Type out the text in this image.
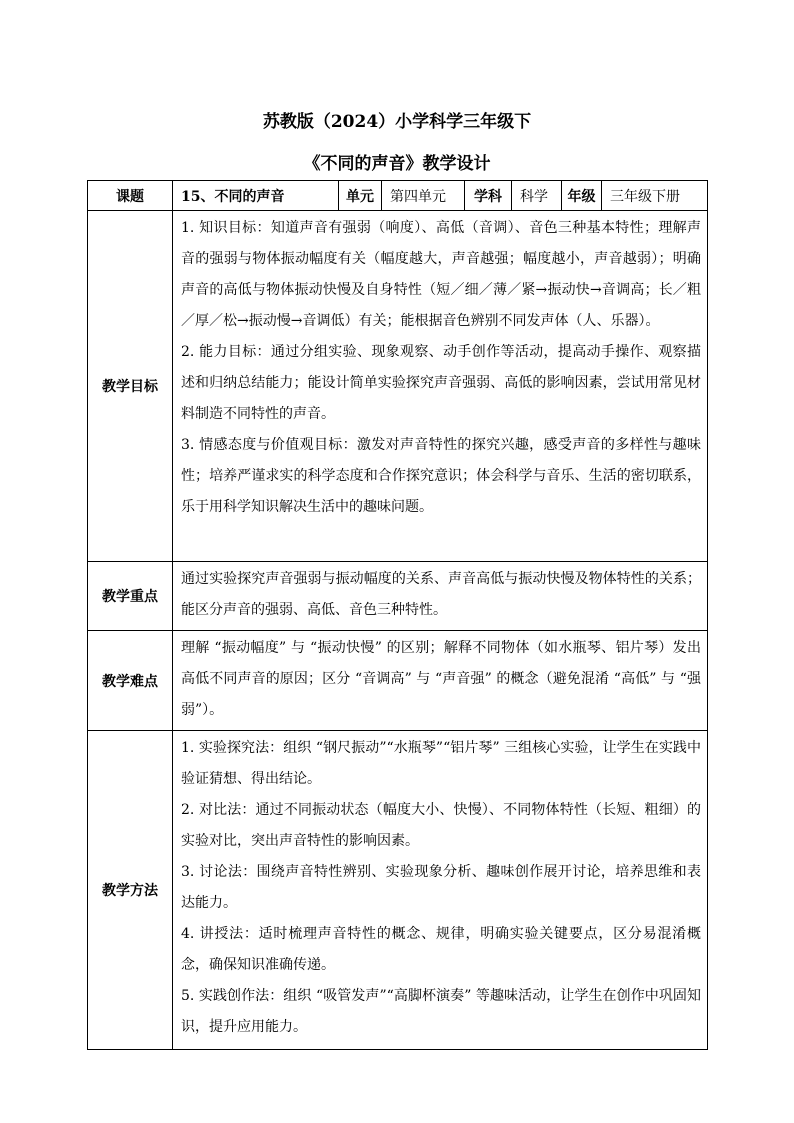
苏教版（2024）小学科学三年级下
《不同的声音》教学设计
课题	15、不同的声音	单元	第四单元	学科	科学	年级	三年级下册
教学目标	1. 知识目标：知道声音有强弱（响度）、高低（音调）、音色三种基本特性；理解声音的强弱与物体振动幅度有关（幅度越大，声音越强；幅度越小，声音越弱）；明确声音的高低与物体振动快慢及自身特性（短／细／薄／紧→振动快→音调高；长／粗／厚／松→振动慢→音调低）有关；能根据音色辨别不同发声体（人、乐器）。

2. 能力目标：通过分组实验、现象观察、动手创作等活动，提高动手操作、观察描述和归纳总结能力；能设计简单实验探究声音强弱、高低的影响因素，尝试用常见材料制造不同特性的声音。

3. 情感态度与价值观目标：激发对声音特性的探究兴趣，感受声音的多样性与趣味性；培养严谨求实的科学态度和合作探究意识；体会科学与音乐、生活的密切联系，乐于用科学知识解决生活中的趣味问题。						

教学重点	通过实验探究声音强弱与振动幅度的关系、声音高低与振动快慢及物体特性的关系；能区分声音的强弱、高低、音色三种特性。						

教学难点	理解 “振动幅度” 与 “振动快慢” 的区别；解释不同物体（如水瓶琴、铝片琴）发出高低不同声音的原因；区分 “音调高” 与 “声音强” 的概念（避免混淆 “高低” 与 “强弱”）。						

教学方法	1. 实验探究法：组织 “钢尺振动”“水瓶琴”“铝片琴” 三组核心实验，让学生在实践中验证猜想、得出结论。

2. 对比法：通过不同振动状态（幅度大小、快慢）、不同物体特性（长短、粗细）的实验对比，突出声音特性的影响因素。

3. 讨论法：围绕声音特性辨别、实验现象分析、趣味创作展开讨论，培养思维和表达能力。

4. 讲授法：适时梳理声音特性的概念、规律，明确实验关键要点，区分易混淆概念，确保知识准确传递。

5. 实践创作法：组织 “吸管发声”“高脚杯演奏” 等趣味活动，让学生在创作中巩固知识，提升应用能力。						
